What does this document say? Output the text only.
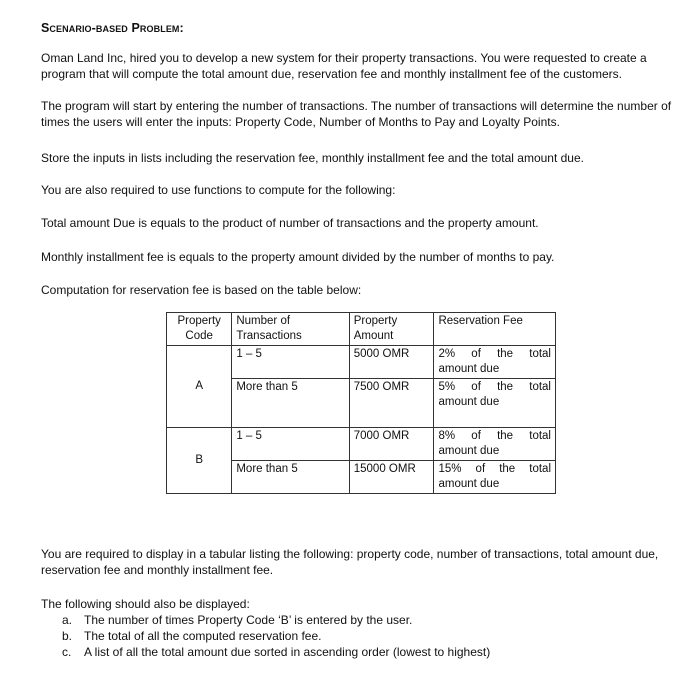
Scenario-based Problem:

Oman Land Inc, hired you to develop a new system for their property transactions. You were requested to create a program that will compute the total amount due, reservation fee and monthly installment fee of the customers.

The program will start by entering the number of transactions. The number of transactions will determine the number of times the users will enter the inputs: Property Code, Number of Months to Pay and Loyalty Points.

Store the inputs in lists including the reservation fee, monthly installment fee and the total amount due.

You are also required to use functions to compute for the following:

Total amount Due is equals to the product of number of transactions and the property amount.

Monthly installment fee is equals to the property amount divided by the number of months to pay.

Computation for reservation fee is based on the table below:

Property Code	Number of Transactions	Property Amount	Reservation Fee
A	1 – 5	5000 OMR	2% of the total amount due
	More than 5	7500 OMR	5% of the total amount due
B	1 – 5	7000 OMR	8% of the total amount due
	More than 5	15000 OMR	15% of the total amount due

You are required to display in a tabular listing the following: property code, number of transactions, total amount due, reservation fee and monthly installment fee.

The following should also be displayed:

a. The number of times Property Code ‘B’ is entered by the user.
b. The total of all the computed reservation fee.
c. A list of all the total amount due sorted in ascending order (lowest to highest)
